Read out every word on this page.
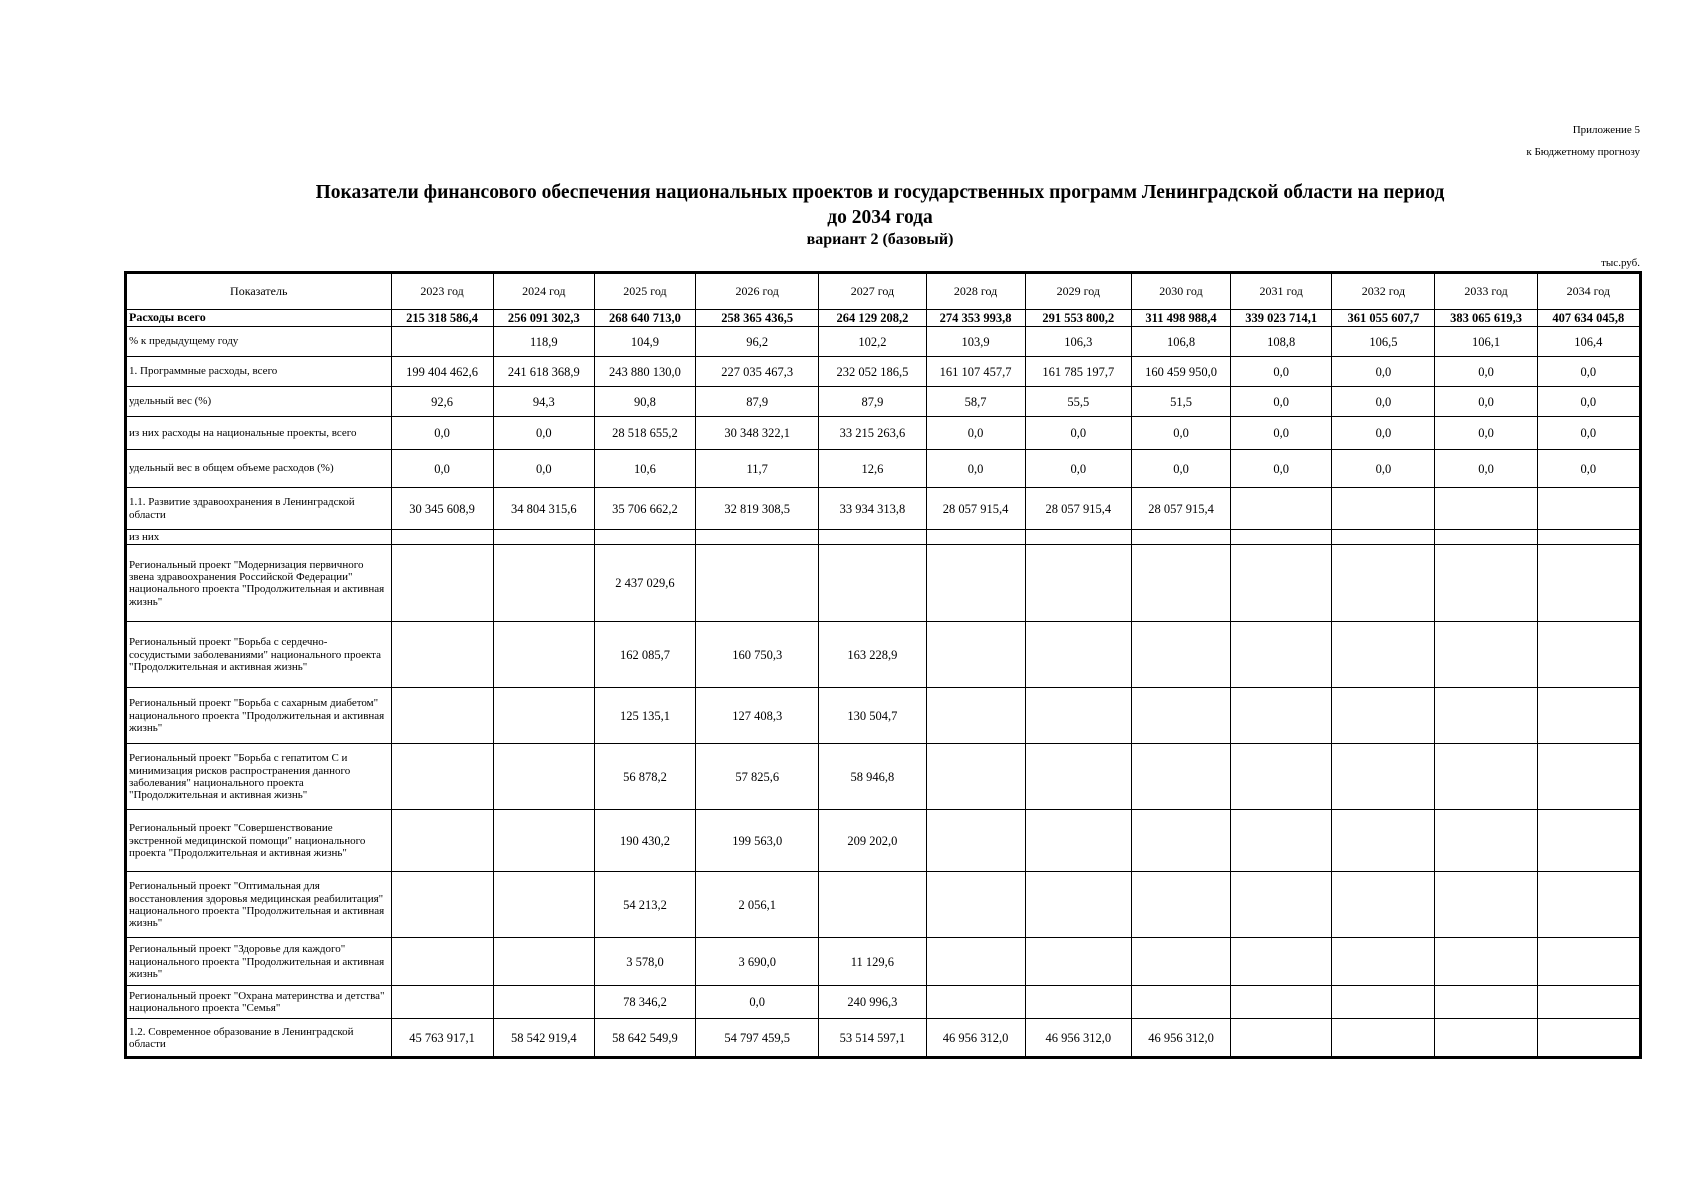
Приложение 5
к Бюджетному прогнозу
Показатели финансового обеспечения национальных проектов и государственных программ Ленинградской области на период
до 2034 года
вариант 2 (базовый)
тыс.руб.
Показатель	2023 год	2024 год	2025 год	2026 год	2027 год	2028 год	2029 год	2030 год	2031 год	2032 год	2033 год	2034 год
Расходы всего	215 318 586,4	256 091 302,3	268 640 713,0	258 365 436,5	264 129 208,2	274 353 993,8	291 553 800,2	311 498 988,4	339 023 714,1	361 055 607,7	383 065 619,3	407 634 045,8
% к предыдущему году		118,9	104,9	96,2	102,2	103,9	106,3	106,8	108,8	106,5	106,1	106,4
1. Программные расходы, всего	199 404 462,6	241 618 368,9	243 880 130,0	227 035 467,3	232 052 186,5	161 107 457,7	161 785 197,7	160 459 950,0	0,0	0,0	0,0	0,0
удельный вес (%)	92,6	94,3	90,8	87,9	87,9	58,7	55,5	51,5	0,0	0,0	0,0	0,0
из них расходы на национальные проекты, всего	0,0	0,0	28 518 655,2	30 348 322,1	33 215 263,6	0,0	0,0	0,0	0,0	0,0	0,0	0,0
удельный вес в общем объеме расходов (%)	0,0	0,0	10,6	11,7	12,6	0,0	0,0	0,0	0,0	0,0	0,0	0,0
1.1. Развитие здравоохранения в Ленинградской области	30 345 608,9	34 804 315,6	35 706 662,2	32 819 308,5	33 934 313,8	28 057 915,4	28 057 915,4	28 057 915,4				
из них												
Региональный проект "Модернизация первичного звена здравоохранения Российской Федерации" национального проекта "Продолжительная и активная жизнь"			2 437 029,6									
Региональный проект "Борьба с сердечно-сосудистыми заболеваниями" национального проекта "Продолжительная и активная жизнь"			162 085,7	160 750,3	163 228,9							
Региональный проект "Борьба с сахарным диабетом" национального проекта "Продолжительная и активная жизнь"			125 135,1	127 408,3	130 504,7							
Региональный проект "Борьба с гепатитом С и минимизация рисков распространения данного заболевания" национального проекта "Продолжительная и активная жизнь"			56 878,2	57 825,6	58 946,8							
Региональный проект "Совершенствование экстренной медицинской помощи" национального проекта "Продолжительная и активная жизнь"			190 430,2	199 563,0	209 202,0							
Региональный проект "Оптимальная для восстановления здоровья медицинская реабилитация" национального проекта "Продолжительная и активная жизнь"			54 213,2	2 056,1								
Региональный проект "Здоровье для каждого" национального проекта "Продолжительная и активная жизнь"			3 578,0	3 690,0	11 129,6							
Региональный проект "Охрана материнства и детства" национального проекта "Семья"			78 346,2	0,0	240 996,3							
1.2. Современное образование в Ленинградской области	45 763 917,1	58 542 919,4	58 642 549,9	54 797 459,5	53 514 597,1	46 956 312,0	46 956 312,0	46 956 312,0				
